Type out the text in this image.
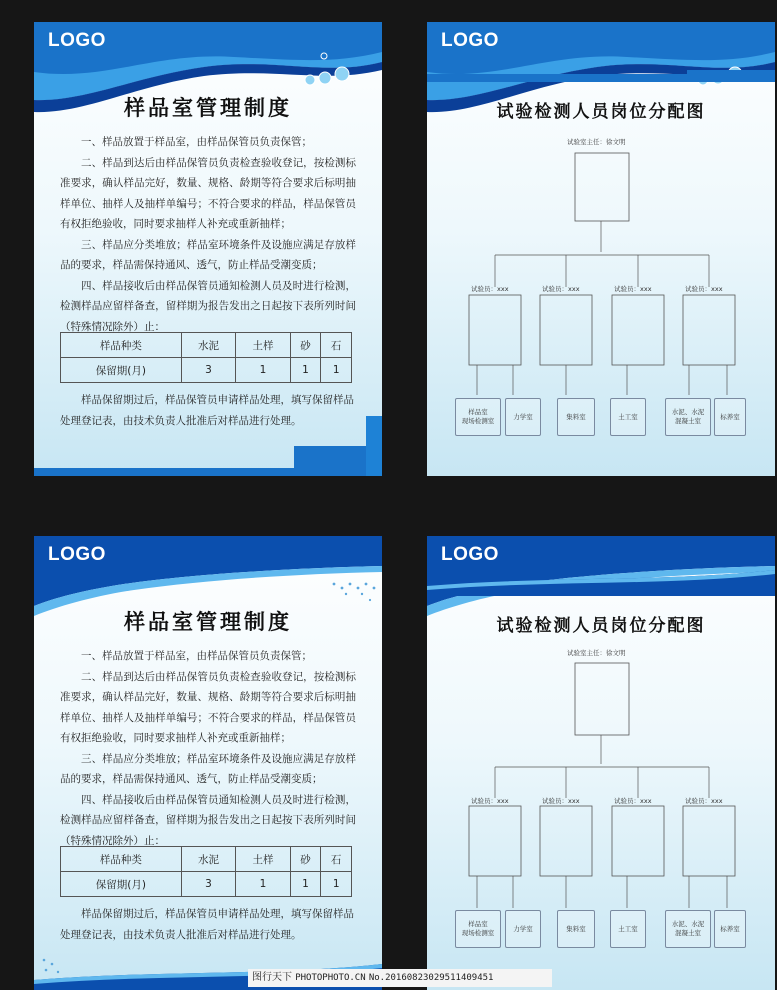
LOGO
样品室管理制度

一、样品放置于样品室，由样品保管员负责保管；

二、样品到达后由样品保管员负责检查验收登记，按检测标准要求，确认样品完好，数量、规格、龄期等符合要求后标明抽样单位、抽样人及抽样单编号；不符合要求的样品，样品保管员有权拒绝验收，同时要求抽样人补充或重新抽样；

三、样品应分类堆放；样品室环境条件及设施应满足存放样品的要求，样品需保持通风、透气，防止样品受潮变质；

四、样品接收后由样品保管员通知检测人员及时进行检测，检测样品应留样备查，留样期为报告发出之日起按下表所列时间（特殊情况除外）止：

样品种类	水泥	土样	砂	石
保留期(月)	3	1	1	1

样品保留期过后，样品保管员申请样品处理，填写保留样品处理登记表，由技术负责人批准后对样品进行处理。

LOGO
试验检测人员岗位分配图
试验室主任：徐文明
试验员：xxx	试验员：xxx	试验员：xxx	试验员：xxx
样品室
现场检测室
力学室	集料室	土工室
水泥、水泥
混凝土室
标养室
LOGO
样品室管理制度

一、样品放置于样品室，由样品保管员负责保管；

二、样品到达后由样品保管员负责检查验收登记，按检测标准要求，确认样品完好，数量、规格、龄期等符合要求后标明抽样单位、抽样人及抽样单编号；不符合要求的样品，样品保管员有权拒绝验收，同时要求抽样人补充或重新抽样；

三、样品应分类堆放；样品室环境条件及设施应满足存放样品的要求，样品需保持通风、透气，防止样品受潮变质；

四、样品接收后由样品保管员通知检测人员及时进行检测，检测样品应留样备查，留样期为报告发出之日起按下表所列时间（特殊情况除外）止：

样品种类	水泥	土样	砂	石
保留期(月)	3	1	1	1

样品保留期过后，样品保管员申请样品处理，填写保留样品处理登记表，由技术负责人批准后对样品进行处理。

LOGO
试验检测人员岗位分配图
试验室主任：徐文明
试验员：xxx	试验员：xxx	试验员：xxx	试验员：xxx
样品室
现场检测室
力学室	集料室	土工室
水泥、水泥
混凝土室
标养室
图行天下 PHOTOPHOTO.CN No.20160823029511409451
